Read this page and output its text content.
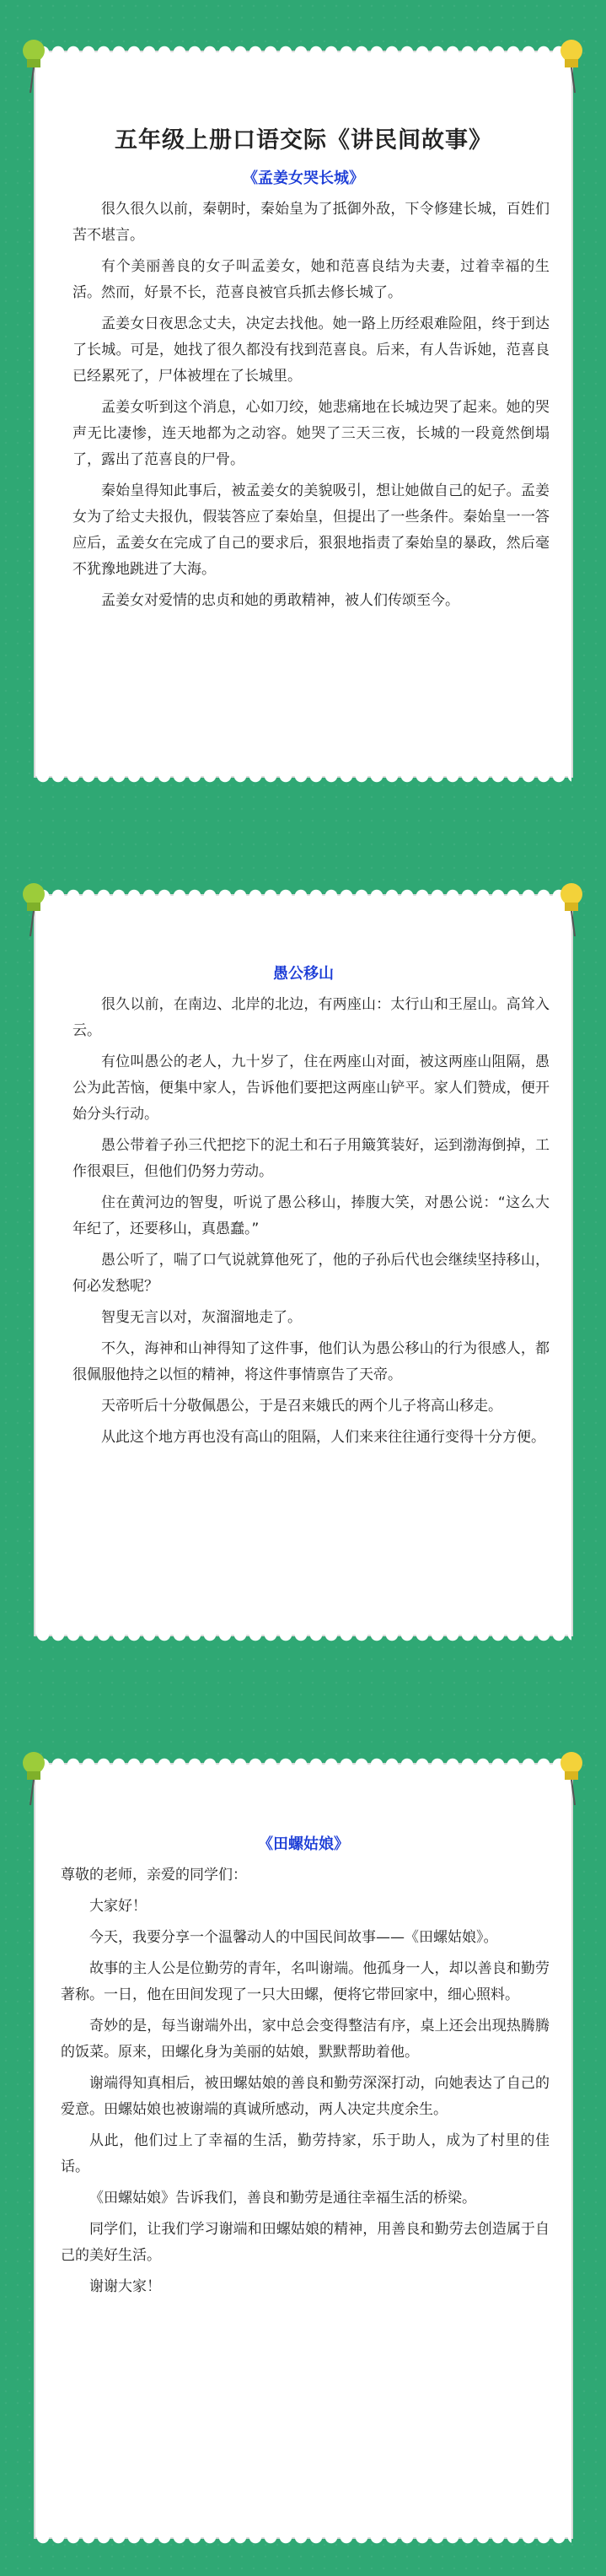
五年级上册口语交际《讲民间故事》
《孟姜女哭长城》

很久很久以前，秦朝时，秦始皇为了抵御外敌，下令修建长城，百姓们苦不堪言。

有个美丽善良的女子叫孟姜女，她和范喜良结为夫妻，过着幸福的生活。然而，好景不长，范喜良被官兵抓去修长城了。

孟姜女日夜思念丈夫，决定去找他。她一路上历经艰难险阻，终于到达了长城。可是，她找了很久都没有找到范喜良。后来，有人告诉她，范喜良已经累死了，尸体被埋在了长城里。

孟姜女听到这个消息，心如刀绞，她悲痛地在长城边哭了起来。她的哭声无比凄惨，连天地都为之动容。她哭了三天三夜，长城的一段竟然倒塌了，露出了范喜良的尸骨。

秦始皇得知此事后，被孟姜女的美貌吸引，想让她做自己的妃子。孟姜女为了给丈夫报仇，假装答应了秦始皇，但提出了一些条件。秦始皇一一答应后，孟姜女在完成了自己的要求后，狠狠地指责了秦始皇的暴政，然后毫不犹豫地跳进了大海。

孟姜女对爱情的忠贞和她的勇敢精神，被人们传颂至今。

愚公移山

很久以前，在南边、北岸的北边，有两座山：太行山和王屋山。高耸入云。

有位叫愚公的老人，九十岁了，住在两座山对面，被这两座山阻隔，愚公为此苦恼，便集中家人，告诉他们要把这两座山铲平。家人们赞成，便开始分头行动。

愚公带着子孙三代把挖下的泥土和石子用簸箕装好，运到渤海倒掉，工作很艰巨，但他们仍努力劳动。

住在黄河边的智叟，听说了愚公移山，捧腹大笑，对愚公说：“这么大年纪了，还要移山，真愚蠢。”

愚公听了，喘了口气说就算他死了，他的子孙后代也会继续坚持移山，何必发愁呢？

智叟无言以对，灰溜溜地走了。

不久，海神和山神得知了这件事，他们认为愚公移山的行为很感人，都很佩服他持之以恒的精神，将这件事情禀告了天帝。

天帝听后十分敬佩愚公，于是召来娥氏的两个儿子将高山移走。

从此这个地方再也没有高山的阻隔，人们来来往往通行变得十分方便。

《田螺姑娘》

尊敬的老师，亲爱的同学们：

大家好！

今天，我要分享一个温馨动人的中国民间故事——《田螺姑娘》。

故事的主人公是位勤劳的青年，名叫谢端。他孤身一人，却以善良和勤劳著称。一日，他在田间发现了一只大田螺，便将它带回家中，细心照料。

奇妙的是，每当谢端外出，家中总会变得整洁有序，桌上还会出现热腾腾的饭菜。原来，田螺化身为美丽的姑娘，默默帮助着他。

谢端得知真相后，被田螺姑娘的善良和勤劳深深打动，向她表达了自己的爱意。田螺姑娘也被谢端的真诚所感动，两人决定共度余生。

从此，他们过上了幸福的生活，勤劳持家，乐于助人，成为了村里的佳话。

《田螺姑娘》告诉我们，善良和勤劳是通往幸福生活的桥梁。

同学们，让我们学习谢端和田螺姑娘的精神，用善良和勤劳去创造属于自己的美好生活。

谢谢大家！
